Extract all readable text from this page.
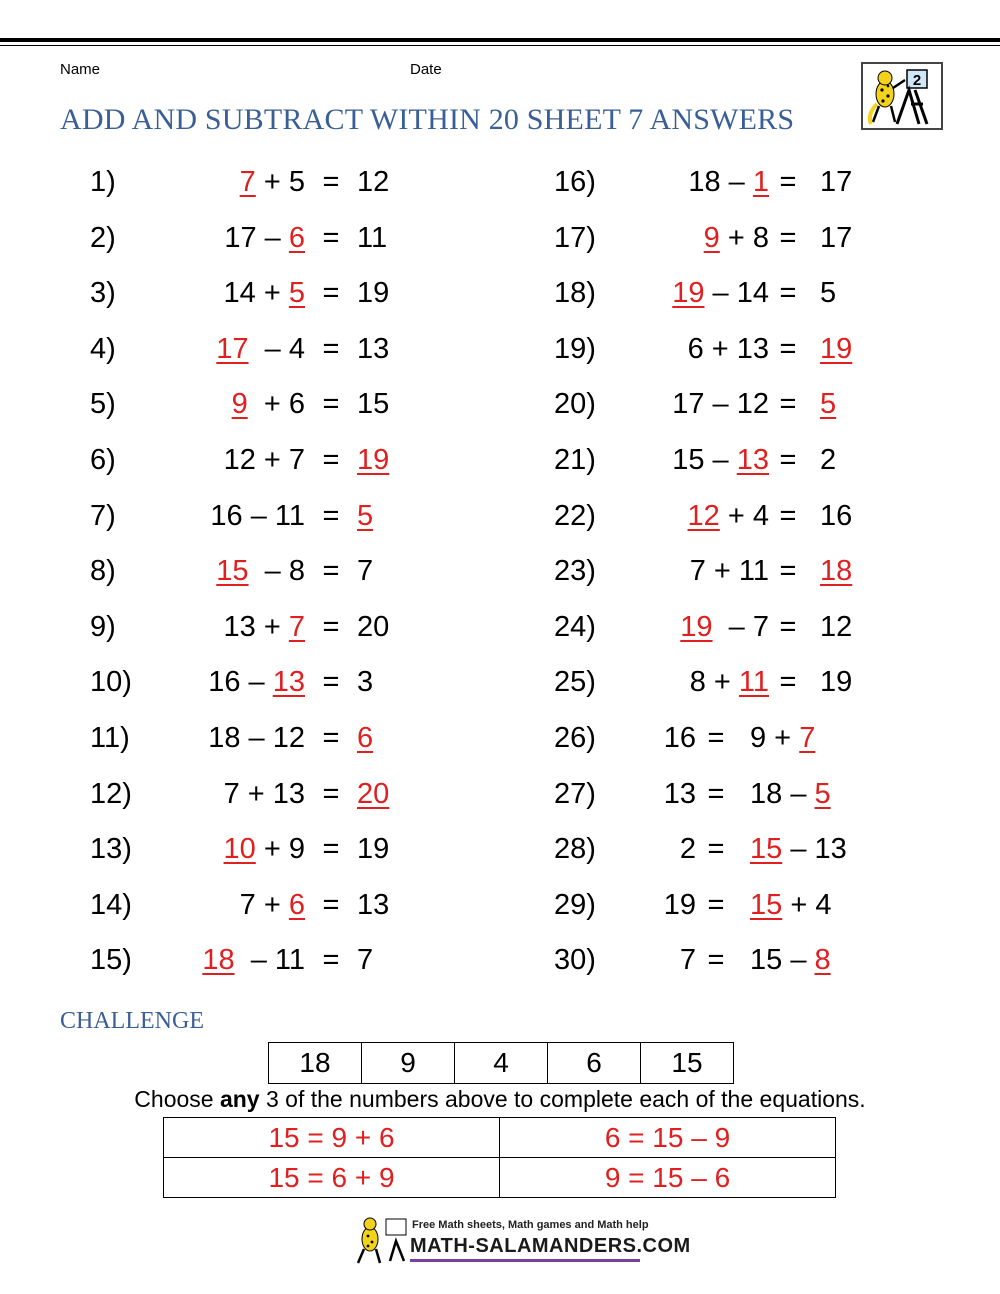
Name	Date
ADD AND SUBTRACT WITHIN 20 SHEET 7 ANSWERS
2
1)	7 + 5 = 12
2)	17 – 6 = 11
3)	14 + 5 = 19
4)	17  – 4 = 13
5)	9  + 6 = 15
6)	12 + 7 = 19
7)	16 – 11 = 5
8)	15  – 8 = 7
9)	13 + 7 = 20
10)	16 – 13 = 3
11)	18 – 12 = 6
12)	7 + 13 = 20
13)	10 + 9 = 19
14)	7 + 6 = 13
15)	18  – 11 = 7
16)	18 – 1 = 17
17)	9 + 8 = 17
18)	19 – 14 = 5
19)	6 + 13 = 19
20)	17 – 12 = 5
21)	15 – 13 = 2
22)	12 + 4 = 16
23)	7 + 11 = 18
24)	19  – 7 = 12
25)	8 + 11 = 19
26)	16 = 9 + 7
27)	13 = 18 – 5
28)	2 = 15 – 13
29)	19 = 15 + 4
30)	7 = 15 – 8
CHALLENGE
18	9	4	6	15
Choose any 3 of the numbers above to complete each of the equations.
15 = 9 + 6	6 = 15 – 9
15 = 6 + 9	9 = 15 – 6
Free Math sheets, Math games and Math help
MATH-SALAMANDERS.COM
